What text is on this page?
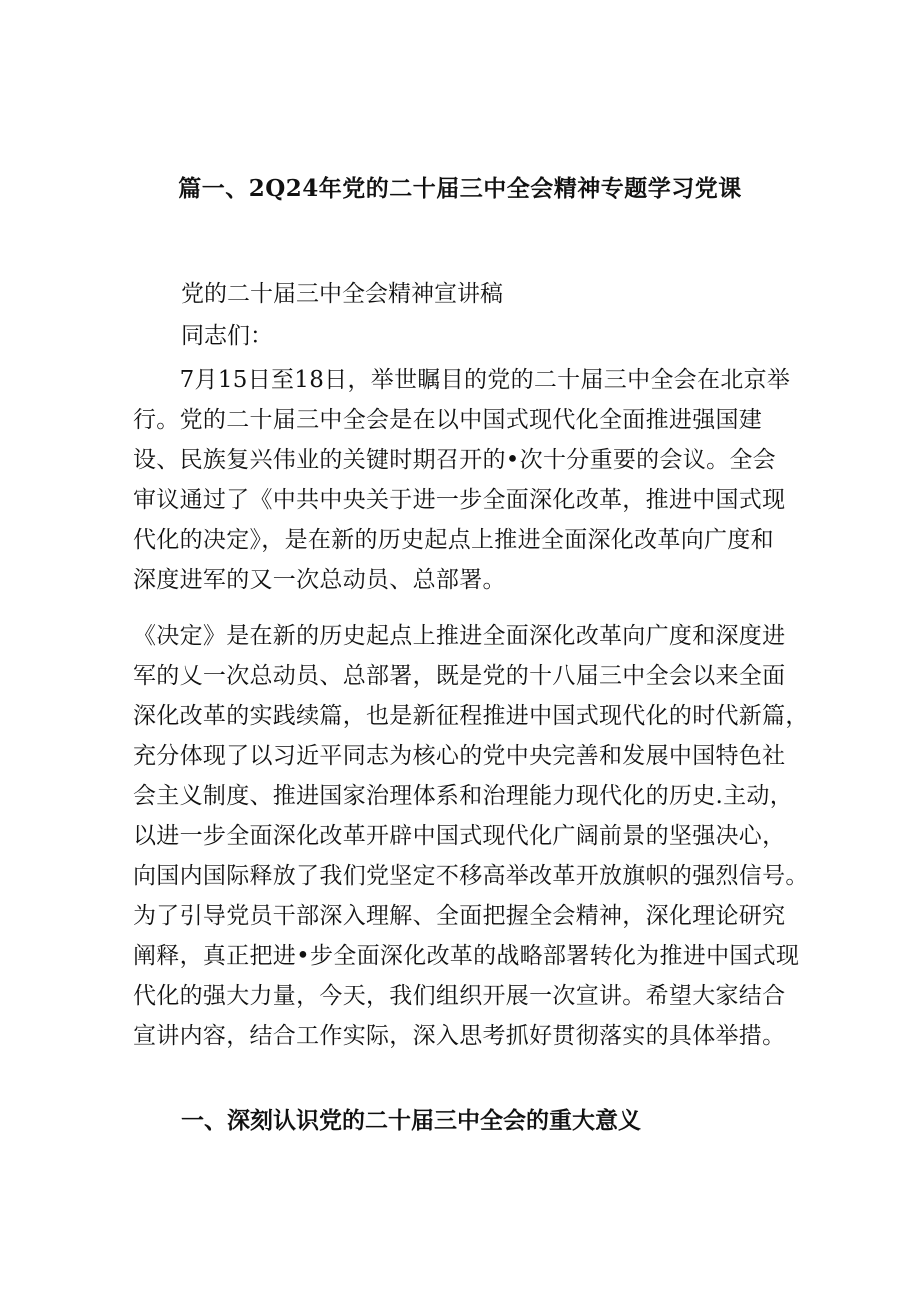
篇一、2Q24年党的二十届三中全会精神专题学习党课
党的二十届三中全会精神宣讲稿
同志们：
　　7月15日至18日，举世瞩目的党的二十届三中全会在北京举
行。党的二十届三中全会是在以中国式现代化全面推进强国建
设、民族复兴伟业的关键时期召开的•次十分重要的会议。全会
审议通过了《中共中央关于进一步全面深化改革，推进中国式现
代化的决定》，是在新的历史起点上推进全面深化改革向广度和
深度进军的又一次总动员、总部署。
《决定》是在新的历史起点上推进全面深化改革向广度和深度进
军的乂一次总动员、总部署，既是党的十八届三中全会以来全面
深化改革的实践续篇，也是新征程推进中国式现代化的时代新篇，
充分体现了以习近平同志为核心的党中央完善和发展中国特色社
会主义制度、推进国家治理体系和治理能力现代化的历史.主动，
以进一步全面深化改革开辟中国式现代化广阔前景的坚强决心，
向国内国际释放了我们党坚定不移高举改革开放旗帜的强烈信号。
为了引导党员干部深入理解、全面把握全会精神，深化理论研究
阐释，真正把进•步全面深化改革的战略部署转化为推进中国式现
代化的强大力量，今天，我们组织开展一次宣讲。希望大家结合
宣讲内容，结合工作实际，深入思考抓好贯彻落实的具体举措。
一、深刻认识党的二十届三中全会的重大意义
